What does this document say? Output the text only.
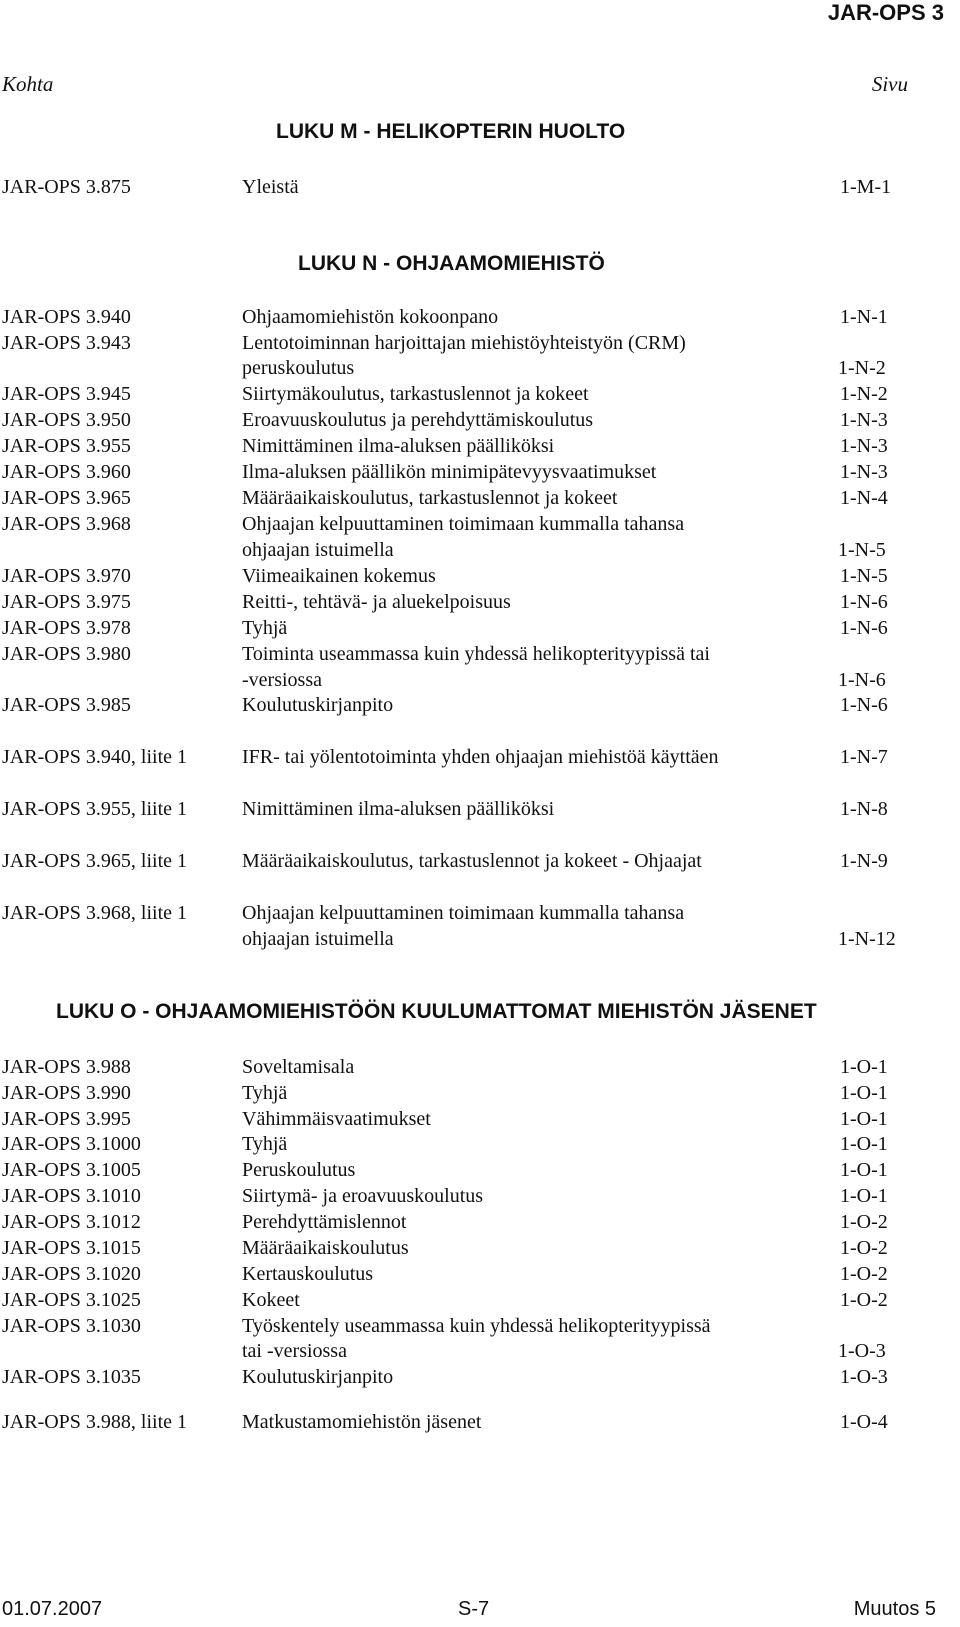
JAR-OPS 3
Kohta	Sivu
LUKU M - HELIKOPTERIN HUOLTO
JAR-OPS 3.875	Yleistä	1-M-1
LUKU N - OHJAAMOMIEHISTÖ
JAR-OPS 3.940	Ohjaamomiehistön kokoonpano	1-N-1
JAR-OPS 3.943	Lentotoiminnan harjoittajan miehistöyhteistyön (CRM)
peruskoulutus	1-N-2
JAR-OPS 3.945	Siirtymäkoulutus, tarkastuslennot ja kokeet	1-N-2
JAR-OPS 3.950	Eroavuuskoulutus ja perehdyttämiskoulutus	1-N-3
JAR-OPS 3.955	Nimittäminen ilma-aluksen päälliköksi	1-N-3
JAR-OPS 3.960	Ilma-aluksen päällikön minimipätevyysvaatimukset	1-N-3
JAR-OPS 3.965	Määräaikaiskoulutus, tarkastuslennot ja kokeet	1-N-4
JAR-OPS 3.968	Ohjaajan kelpuuttaminen toimimaan kummalla tahansa
ohjaajan istuimella	1-N-5
JAR-OPS 3.970	Viimeaikainen kokemus	1-N-5
JAR-OPS 3.975	Reitti-, tehtävä- ja aluekelpoisuus	1-N-6
JAR-OPS 3.978	Tyhjä	1-N-6
JAR-OPS 3.980	Toiminta useammassa kuin yhdessä helikopterityypissä tai
-versiossa	1-N-6
JAR-OPS 3.985	Koulutuskirjanpito	1-N-6
JAR-OPS 3.940, liite 1	IFR- tai yölentotoiminta yhden ohjaajan miehistöä käyttäen	1-N-7
JAR-OPS 3.955, liite 1	Nimittäminen ilma-aluksen päälliköksi	1-N-8
JAR-OPS 3.965, liite 1	Määräaikaiskoulutus, tarkastuslennot ja kokeet - Ohjaajat	1-N-9
JAR-OPS 3.968, liite 1	Ohjaajan kelpuuttaminen toimimaan kummalla tahansa
ohjaajan istuimella	1-N-12
LUKU O - OHJAAMOMIEHISTÖÖN KUULUMATTOMAT MIEHISTÖN JÄSENET
JAR-OPS 3.988	Soveltamisala	1-O-1
JAR-OPS 3.990	Tyhjä	1-O-1
JAR-OPS 3.995	Vähimmäisvaatimukset	1-O-1
JAR-OPS 3.1000	Tyhjä	1-O-1
JAR-OPS 3.1005	Peruskoulutus	1-O-1
JAR-OPS 3.1010	Siirtymä- ja eroavuuskoulutus	1-O-1
JAR-OPS 3.1012	Perehdyttämislennot	1-O-2
JAR-OPS 3.1015	Määräaikaiskoulutus	1-O-2
JAR-OPS 3.1020	Kertauskoulutus	1-O-2
JAR-OPS 3.1025	Kokeet	1-O-2
JAR-OPS 3.1030	Työskentely useammassa kuin yhdessä helikopterityypissä
tai -versiossa	1-O-3
JAR-OPS 3.1035	Koulutuskirjanpito	1-O-3
JAR-OPS 3.988, liite 1	Matkustamomiehistön jäsenet	1-O-4
01.07.2007	S-7	Muutos 5
